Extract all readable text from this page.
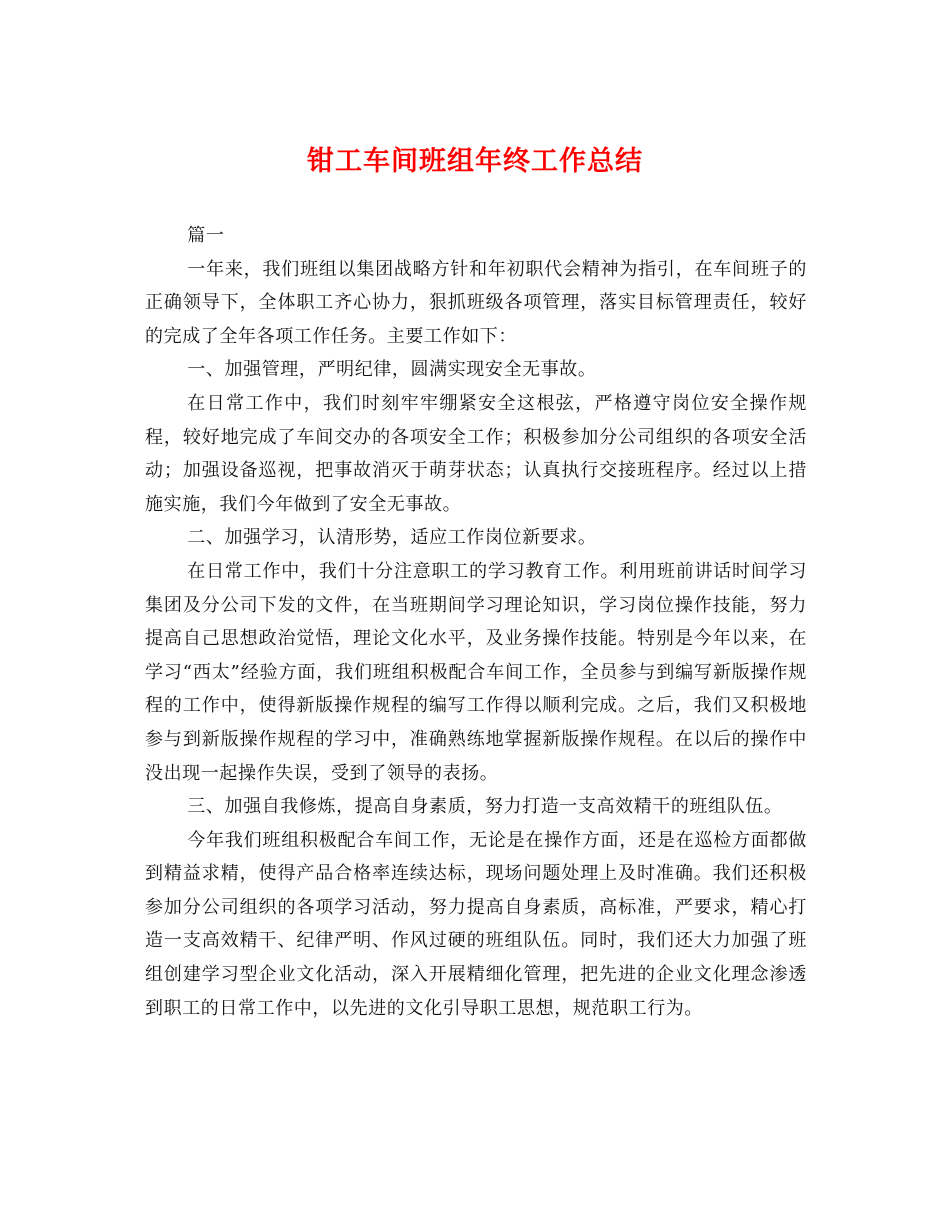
钳工车间班组年终工作总结

篇一

一年来，我们班组以集团战略方针和年初职代会精神为指引，在车间班子的正确领导下，全体职工齐心协力，狠抓班级各项管理，落实目标管理责任，较好的完成了全年各项工作任务。主要工作如下：

一、加强管理，严明纪律，圆满实现安全无事故。

在日常工作中，我们时刻牢牢绷紧安全这根弦，严格遵守岗位安全操作规程，较好地完成了车间交办的各项安全工作；积极参加分公司组织的各项安全活动；加强设备巡视，把事故消灭于萌芽状态；认真执行交接班程序。经过以上措施实施，我们今年做到了安全无事故。

二、加强学习，认清形势，适应工作岗位新要求。

在日常工作中，我们十分注意职工的学习教育工作。利用班前讲话时间学习集团及分公司下发的文件，在当班期间学习理论知识，学习岗位操作技能，努力提高自己思想政治觉悟，理论文化水平，及业务操作技能。特别是今年以来，在学习“西太”经验方面，我们班组积极配合车间工作，全员参与到编写新版操作规程的工作中，使得新版操作规程的编写工作得以顺利完成。之后，我们又积极地参与到新版操作规程的学习中，准确熟练地掌握新版操作规程。在以后的操作中没出现一起操作失误，受到了领导的表扬。

三、加强自我修炼，提高自身素质，努力打造一支高效精干的班组队伍。

今年我们班组积极配合车间工作，无论是在操作方面，还是在巡检方面都做到精益求精，使得产品合格率连续达标，现场问题处理上及时准确。我们还积极参加分公司组织的各项学习活动，努力提高自身素质，高标准，严要求，精心打造一支高效精干、纪律严明、作风过硬的班组队伍。同时，我们还大力加强了班组创建学习型企业文化活动，深入开展精细化管理，把先进的企业文化理念渗透到职工的日常工作中，以先进的文化引导职工思想，规范职工行为。
